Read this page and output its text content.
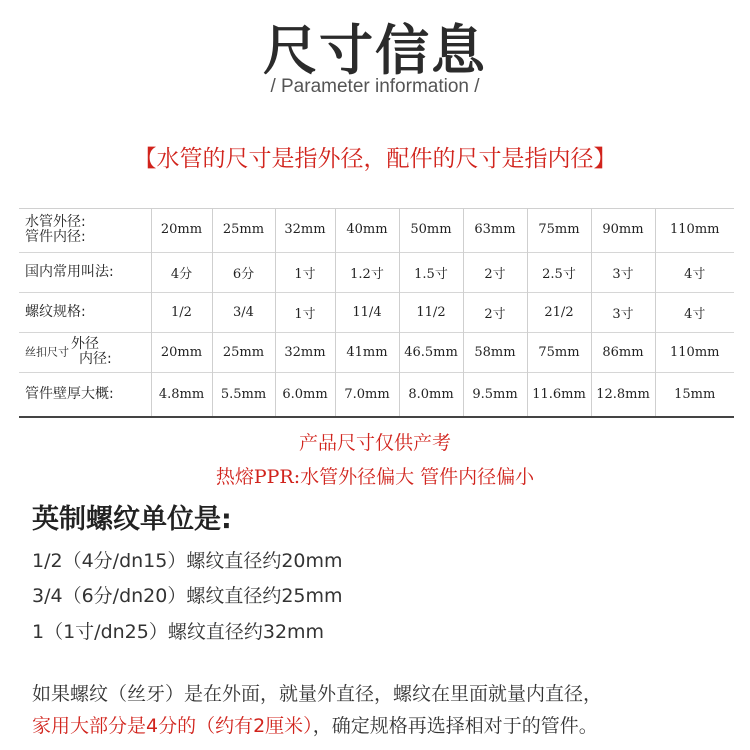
尺寸信息
/ Parameter information /
【水管的尺寸是指外径，配件的尺寸是指内径】
水管外径:
管件内径:	20mm	25mm	32mm	40mm	50mm	63mm	75mm	90mm	110mm

国内常用叫法:	4分	6分	1寸	1.2寸	1.5寸	2寸	2.5寸	3寸	4寸

螺纹规格:	1/2	3/4	1寸	11/4	11/2	2寸	21/2	3寸	4寸
丝扣尺寸 外径
内径:	20mm	25mm	32mm	41mm	46.5mm	58mm	75mm	86mm	110mm

管件壁厚大概:	4.8mm	5.5mm	6.0mm	7.0mm	8.0mm	9.5mm	11.6mm	12.8mm	15mm
产品尺寸仅供产考
热熔PPR:水管外径偏大 管件内径偏小
英制螺纹单位是:
1/2（4分/dn15）螺纹直径约20mm
3/4（6分/dn20）螺纹直径约25mm
1（1寸/dn25）螺纹直径约32mm
如果螺纹（丝牙）是在外面，就量外直径，螺纹在里面就量内直径，
家用大部分是4分的（约有2厘米），确定规格再选择相对于的管件。
